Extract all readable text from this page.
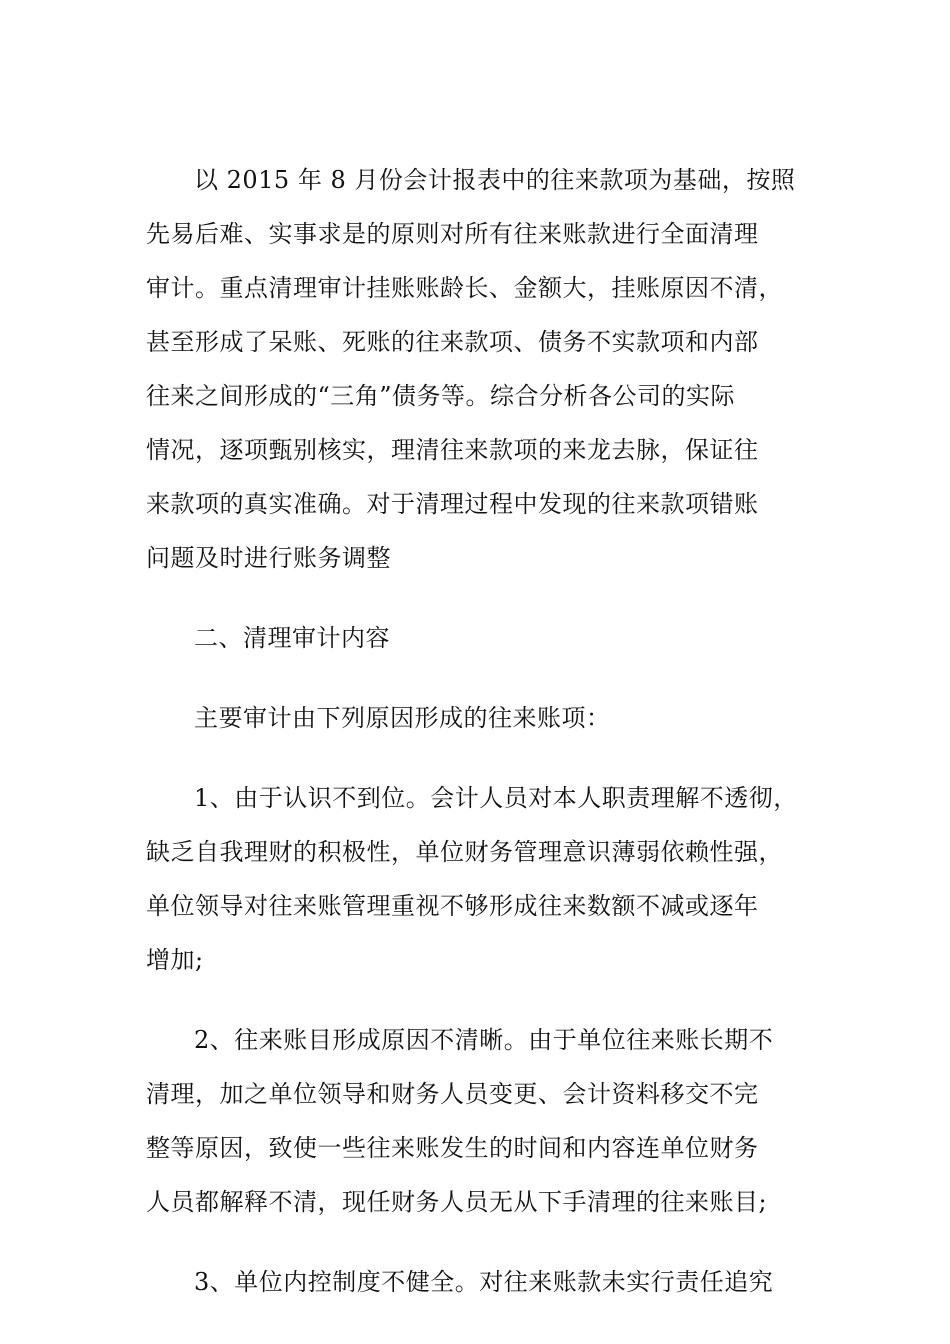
以 2015 年 8 月份会计报表中的往来款项为基础，按照
先易后难、实事求是的原则对所有往来账款进行全面清理
审计。重点清理审计挂账账龄长、金额大，挂账原因不清，
甚至形成了呆账、死账的往来款项、债务不实款项和内部
往来之间形成的“三角”债务等。综合分析各公司的实际
情况，逐项甄别核实，理清往来款项的来龙去脉，保证往
来款项的真实准确。对于清理过程中发现的往来款项错账
问题及时进行账务调整
二、清理审计内容
主要审计由下列原因形成的往来账项：
1、由于认识不到位。会计人员对本人职责理解不透彻，
缺乏自我理财的积极性，单位财务管理意识薄弱依赖性强，
单位领导对往来账管理重视不够形成往来数额不减或逐年
增加;
2、往来账目形成原因不清晰。由于单位往来账长期不
清理，加之单位领导和财务人员变更、会计资料移交不完
整等原因，致使一些往来账发生的时间和内容连单位财务
人员都解释不清，现任财务人员无从下手清理的往来账目;
3、单位内控制度不健全。对往来账款未实行责任追究
